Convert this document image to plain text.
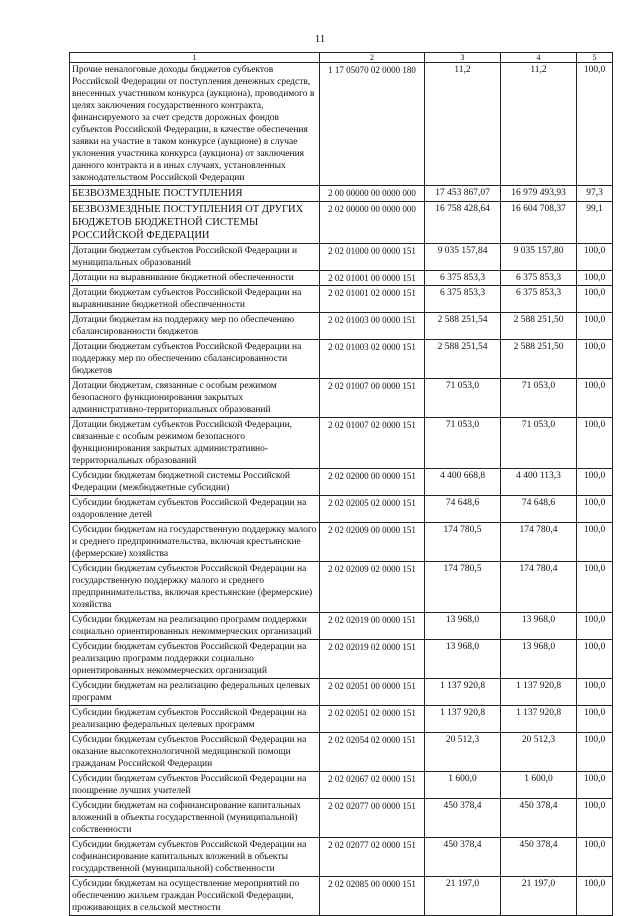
11
1	2	3	4	5
Прочие неналоговые доходы бюджетов субъектов Российской Федерации от поступления денежных средств, внесенных участником конкурса (аукциона), проводимого в целях заключения государственного контракта, финансируемого за счет средств дорожных фондов субъектов Российской Федерации, в качестве обеспечения заявки на участие в таком конкурсе (аукционе) в случае уклонения участника конкурса (аукциона) от заключения данного контракта и в иных случаях, установленных законодательством Российской Федерации	1 17 05070 02 0000 180	11,2	11,2	100,0
БЕЗВОЗМЕЗДНЫЕ ПОСТУПЛЕНИЯ	2 00 00000 00 0000 000	17 453 867,07	16 979 493,93	97,3
БЕЗВОЗМЕЗДНЫЕ ПОСТУПЛЕНИЯ ОТ ДРУГИХ БЮДЖЕТОВ БЮДЖЕТНОЙ СИСТЕМЫ РОССИЙСКОЙ ФЕДЕРАЦИИ	2 02 00000 00 0000 000	16 758 428,64	16 604 708,37	99,1
Дотации бюджетам субъектов Российской Федерации и муниципальных образований	2 02 01000 00 0000 151	9 035 157,84	9 035 157,80	100,0
Дотации на выравнивание бюджетной обеспеченности	2 02 01001 00 0000 151	6 375 853,3	6 375 853,3	100,0
Дотации бюджетам субъектов Российской Федерации на выравнивание бюджетной обеспеченности	2 02 01001 02 0000 151	6 375 853,3	6 375 853,3	100,0
Дотации бюджетам на поддержку мер по обеспечению сбалансированности бюджетов	2 02 01003 00 0000 151	2 588 251,54	2 588 251,50	100,0
Дотации бюджетам субъектов Российской Федерации на поддержку мер по обеспечению сбалансированности бюджетов	2 02 01003 02 0000 151	2 588 251,54	2 588 251,50	100,0
Дотации бюджетам, связанные с особым режимом безопасного функционирования закрытых административно-территориальных образований	2 02 01007 00 0000 151	71 053,0	71 053,0	100,0
Дотации бюджетам субъектов Российской Федерации, связанные с особым режимом безопасного функционирования закрытых административно-территориальных образований	2 02 01007 02 0000 151	71 053,0	71 053,0	100,0
Субсидии бюджетам бюджетной системы Российской Федерации (межбюджетные субсидии)	2 02 02000 00 0000 151	4 400 668,8	4 400 113,3	100,0
Субсидии бюджетам субъектов Российской Федерации на оздоровление детей	2 02 02005 02 0000 151	74 648,6	74 648,6	100,0
Субсидии бюджетам на государственную поддержку малого и среднего предпринимательства, включая крестьянские (фермерские) хозяйства	2 02 02009 00 0000 151	174 780,5	174 780,4	100,0
Субсидии бюджетам субъектов Российской Федерации на государственную поддержку малого и среднего предпринимательства, включая крестьянские (фермерские) хозяйства	2 02 02009 02 0000 151	174 780,5	174 780,4	100,0
Субсидии бюджетам на реализацию программ поддержки социально ориентированных некоммерческих организаций	2 02 02019 00 0000 151	13 968,0	13 968,0	100,0
Субсидии бюджетам субъектов Российской Федерации на реализацию программ поддержки социально ориентированных некоммерческих организаций	2 02 02019 02 0000 151	13 968,0	13 968,0	100,0
Субсидии бюджетам на реализацию федеральных целевых программ	2 02 02051 00 0000 151	1 137 920,8	1 137 920,8	100,0
Субсидии бюджетам субъектов Российской Федерации на реализацию федеральных целевых программ	2 02 02051 02 0000 151	1 137 920,8	1 137 920,8	100,0
Субсидии бюджетам субъектов Российской Федерации на оказание высокотехнологичной медицинской помощи гражданам Российской Федерации	2 02 02054 02 0000 151	20 512,3	20 512,3	100,0
Субсидии бюджетам субъектов Российской Федерации на поощрение лучших учителей	2 02 02067 02 0000 151	1 600,0	1 600,0	100,0
Субсидии бюджетам на софинансирование капитальных вложений в объекты государственной (муниципальной) собственности	2 02 02077 00 0000 151	450 378,4	450 378,4	100,0
Субсидии бюджетам субъектов Российской Федерации на софинансирование капитальных вложений в объекты государственной (муниципальной) собственности	2 02 02077 02 0000 151	450 378,4	450 378,4	100,0
Субсидии бюджетам на осуществление мероприятий по обеспечению жильем граждан Российской Федерации, проживающих в сельской местности	2 02 02085 00 0000 151	21 197,0	21 197,0	100,0
